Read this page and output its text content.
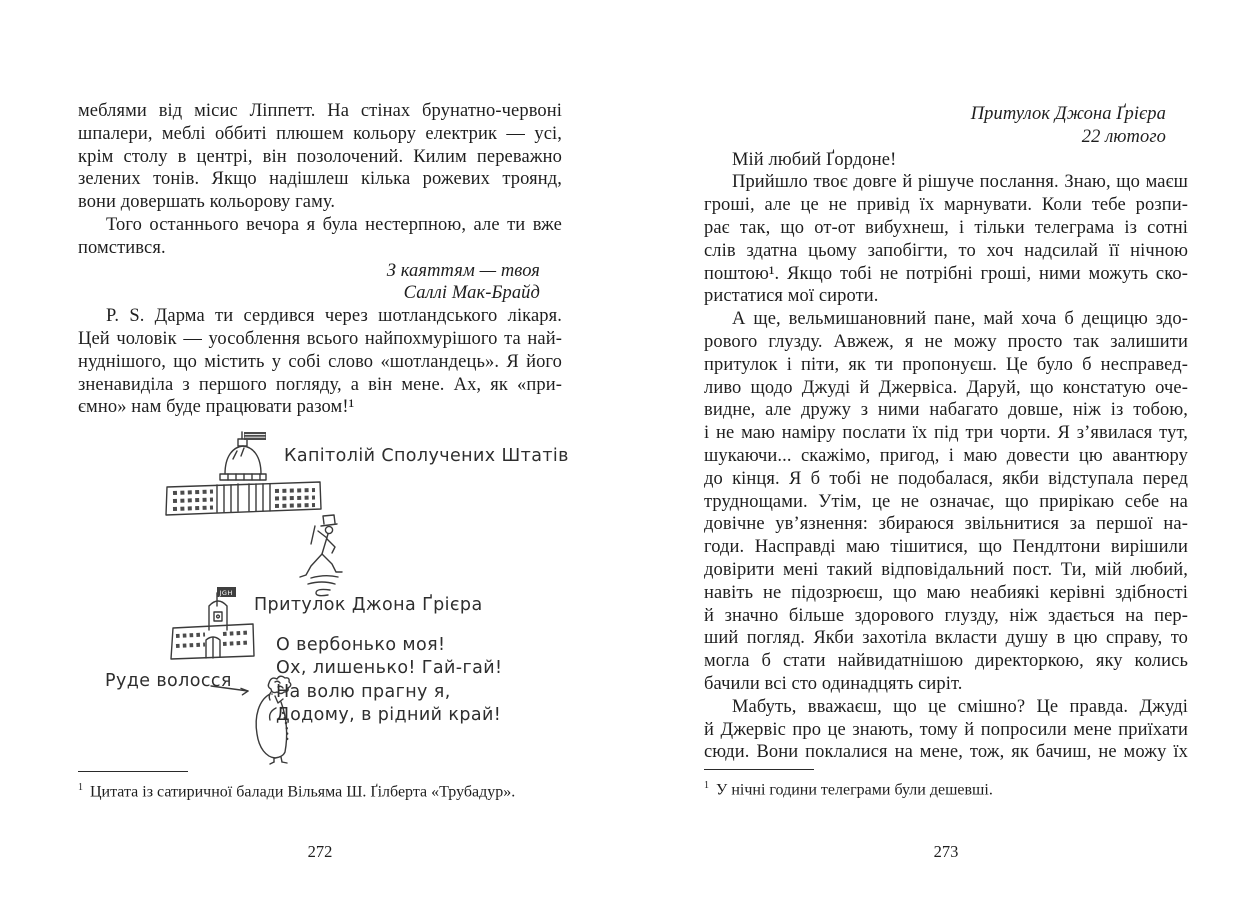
меблями від місис Ліппетт. На стінах брунатно-червоні
шпалери, меблі оббиті плюшем кольору електрик — усі,
крім столу в центрі, він позолочений. Килим переважно
зелених тонів. Якщо надішлеш кілька рожевих троянд,
вони довершать кольорову гаму.
Того останнього вечора я була нестерпною, але ти вже
помстився.
З каяттям — твоя
Саллі Мак-Брайд
P. S. Дарма ти сердився через шотландського лікаря.
Цей чоловік — уособлення всього найпохмурішого та най-
нуднішого, що містить у собі слово «шотландець». Я його
зненавиділа з першого погляду, а він мене. Ах, як «при-
ємно» нам буде працювати разом!¹
JGH
Капітолій Сполучених Штатів
Притулок Джона Ґрієра
О вербонько моя!
Ох, лишенько! Гай-гай!
На волю прагну я,
Додому, в рідний край!
Руде волосся
$^1$ Цитата із сатиричної балади Вільяма Ш. Ґілберта «Трубадур».
272
Притулок Джона Ґрієра
22 лютого
Мій любий Ґордоне!
Прийшло твоє довге й рішуче послання. Знаю, що маєш
гроші, але це не привід їх марнувати. Коли тебе розпи-
рає так, що от-от вибухнеш, і тільки телеграма із сотні
слів здатна цьому запобігти, то хоч надсилай її нічною
поштою¹. Якщо тобі не потрібні гроші, ними можуть ско-
ристатися мої сироти.
А ще, вельмишановний пане, май хоча б дещицю здо-
рового глузду. Авжеж, я не можу просто так залишити
притулок і піти, як ти пропонуєш. Це було б несправед-
ливо щодо Джуді й Джервіса. Даруй, що констатую оче-
видне, але дружу з ними набагато довше, ніж із тобою,
і не маю наміру послати їх під три чорти. Я з’явилася тут,
шукаючи... скажімо, пригод, і маю довести цю авантюру
до кінця. Я б тобі не подобалася, якби відступала перед
труднощами. Утім, це не означає, що прирікаю себе на
довічне ув’язнення: збираюся звільнитися за першої на-
годи. Насправді маю тішитися, що Пендлтони вирішили
довірити мені такий відповідальний пост. Ти, мій любий,
навіть не підозрюєш, що маю неабиякі керівні здібності
й значно більше здорового глузду, ніж здається на пер-
ший погляд. Якби захотіла вкласти душу в цю справу, то
могла б стати найвидатнішою директоркою, яку колись
бачили всі сто одинадцять сиріт.
Мабуть, вважаєш, що це смішно? Це правда. Джуді
й Джервіс про це знають, тому й попросили мене приїхати
сюди. Вони поклалися на мене, тож, як бачиш, не можу їх
$^1$ У нічні години телеграми були дешевші.
273
